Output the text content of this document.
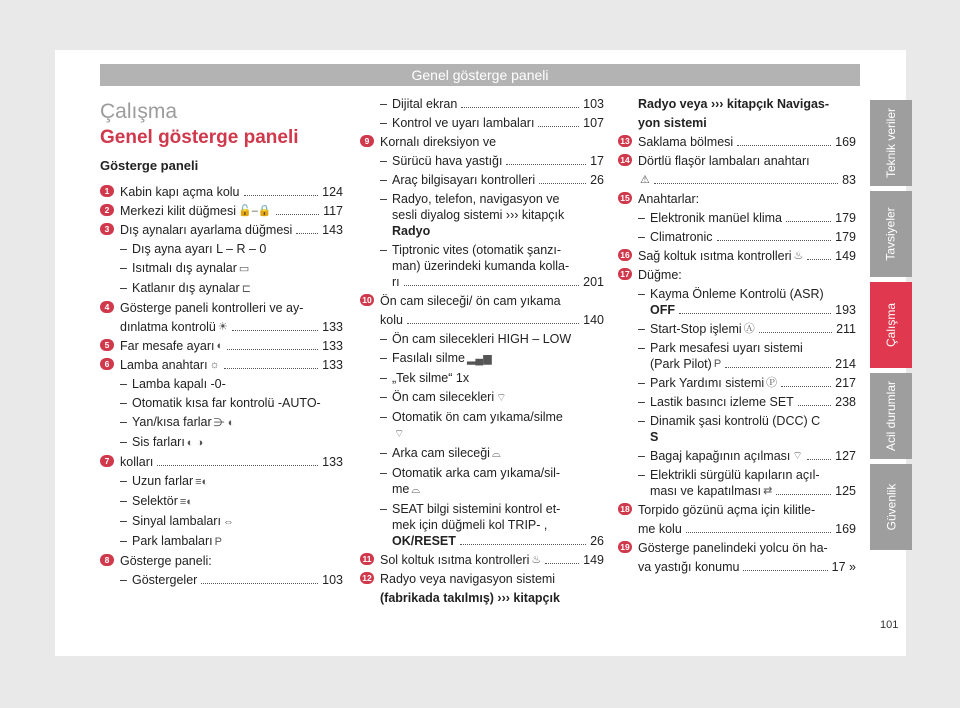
Genel gösterge paneli
Teknik veriler
Tavsiyeler
Çalışma
Acil durumlar
Güvenlik
101
Çalışma
Genel gösterge paneli
Gösterge paneli
1 Kabin kapı açma kolu	124
2 Merkezi kilit düğmesi 🔓–🔒	117
3 Dış aynaları ayarlama düğmesi 143
– Dış ayna ayarı L – R – 0
– Isıtmalı dış aynalar ▭
– Katlanır dış aynalar ⊏
4 Gösterge paneli kontrolleri ve ay-
dınlatma kontrolü ☀	133
5 Far mesafe ayarı ◐	133
6 Lamba anahtarı ☼	133
– Lamba kapalı -0-
– Otomatik kısa far kontrolü -AUTO-
– Yan/kısa farlar ⋺ ◐
– Sis farları ◐ ◑
7 kolları	133
– Uzun farlar ≡◐
– Selektör ≡◐
– Sinyal lambaları ⇔
– Park lambaları P
8 Gösterge paneli:
– Göstergeler	103
– Dijital ekran	103
– Kontrol ve uyarı lambaları	107
9 Kornalı direksiyon ve
– Sürücü hava yastığı	17
– Araç bilgisayarı kontrolleri	26
– Radyo, telefon, navigasyon ve
sesli diyalog sistemi ››› kitapçık
Radyo
– Tiptronic vites (otomatik şanzı-
man) üzerindeki kumanda kolla-
rı	201
10 Ön cam sileceği/ ön cam yıkama
kolu	140
– Ön cam silecekleri HIGH – LOW
– Fasılalı silme ▂▄▆
– „Tek silme“ 1x
– Ön cam silecekleri ⌔
– Otomatik ön cam yıkama/silme
⌔
– Arka cam sileceği ⌓
– Otomatik arka cam yıkama/sil-
me ⌓
– SEAT bilgi sistemini kontrol et-
mek için düğmeli kol TRIP- ,
OK/RESET	26
11 Sol koltuk ısıtma kontrolleri ♨	149
12 Radyo veya navigasyon sistemi
(fabrikada takılmış) ››› kitapçık
Radyo veya ››› kitapçık Navigas-
yon sistemi
13 Saklama bölmesi	169
14 Dörtlü flaşör lambaları anahtarı
⚠	83
15 Anahtarlar:
– Elektronik manüel klima	179
– Climatronic	179
16 Sağ koltuk ısıtma kontrolleri ♨	149
17 Düğme:
– Kayma Önleme Kontrolü (ASR)
OFF	193
– Start-Stop işlemi Ⓐ	211
– Park mesafesi uyarı sistemi
(Park Pilot) P	214
– Park Yardımı sistemi Ⓟ	217
– Lastik basıncı izleme SET	238
– Dinamik şasi kontrolü (DCC) C
S
– Bagaj kapağının açılması ⌔	127
– Elektrikli sürgülü kapıların açıl-
ması ve kapatılması ⇄	125
18 Torpido gözünü açma için kilitle-
me kolu	169
19 Gösterge panelindeki yolcu ön ha-
va yastığı konumu	17 »
